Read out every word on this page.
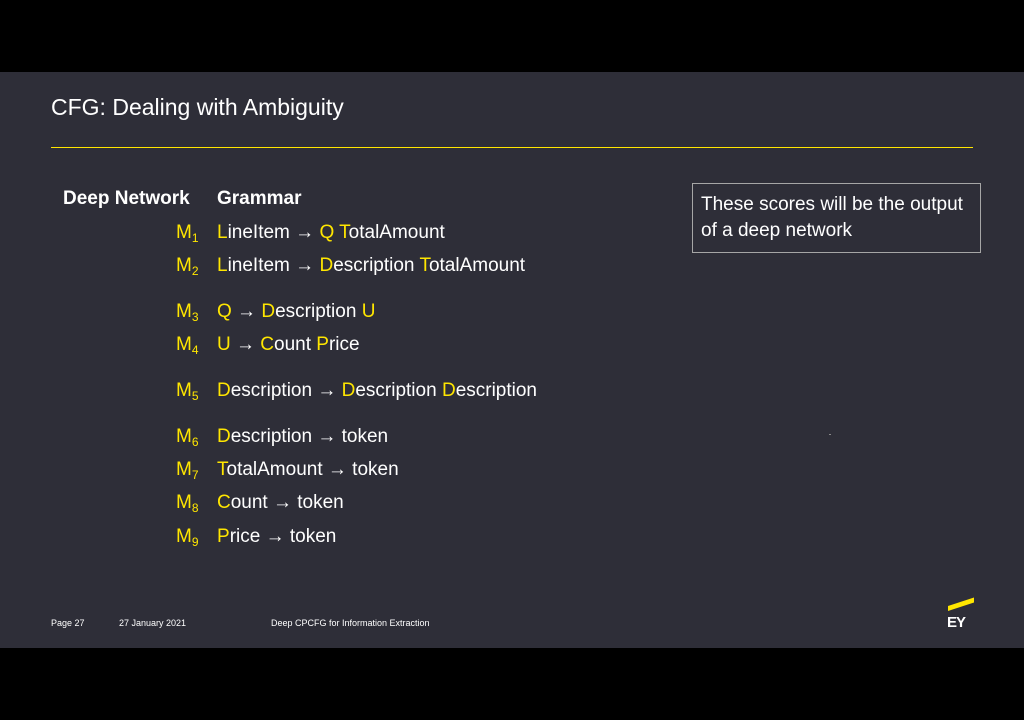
CFG: Dealing with Ambiguity
Deep Network Grammar
$M_1$ LineItem → Q TotalAmount
$M_2$ LineItem → Description TotalAmount
$M_3$ Q → Description U
$M_4$ U → Count Price
$M_5$ Description → Description Description
$M_6$ Description → token
$M_7$ TotalAmount → token
$M_8$ Count → token
$M_9$ Price → token
These scores will be the output of a deep network
Page 27	27 January 2021	Deep CPCFG for Information Extraction	EY
